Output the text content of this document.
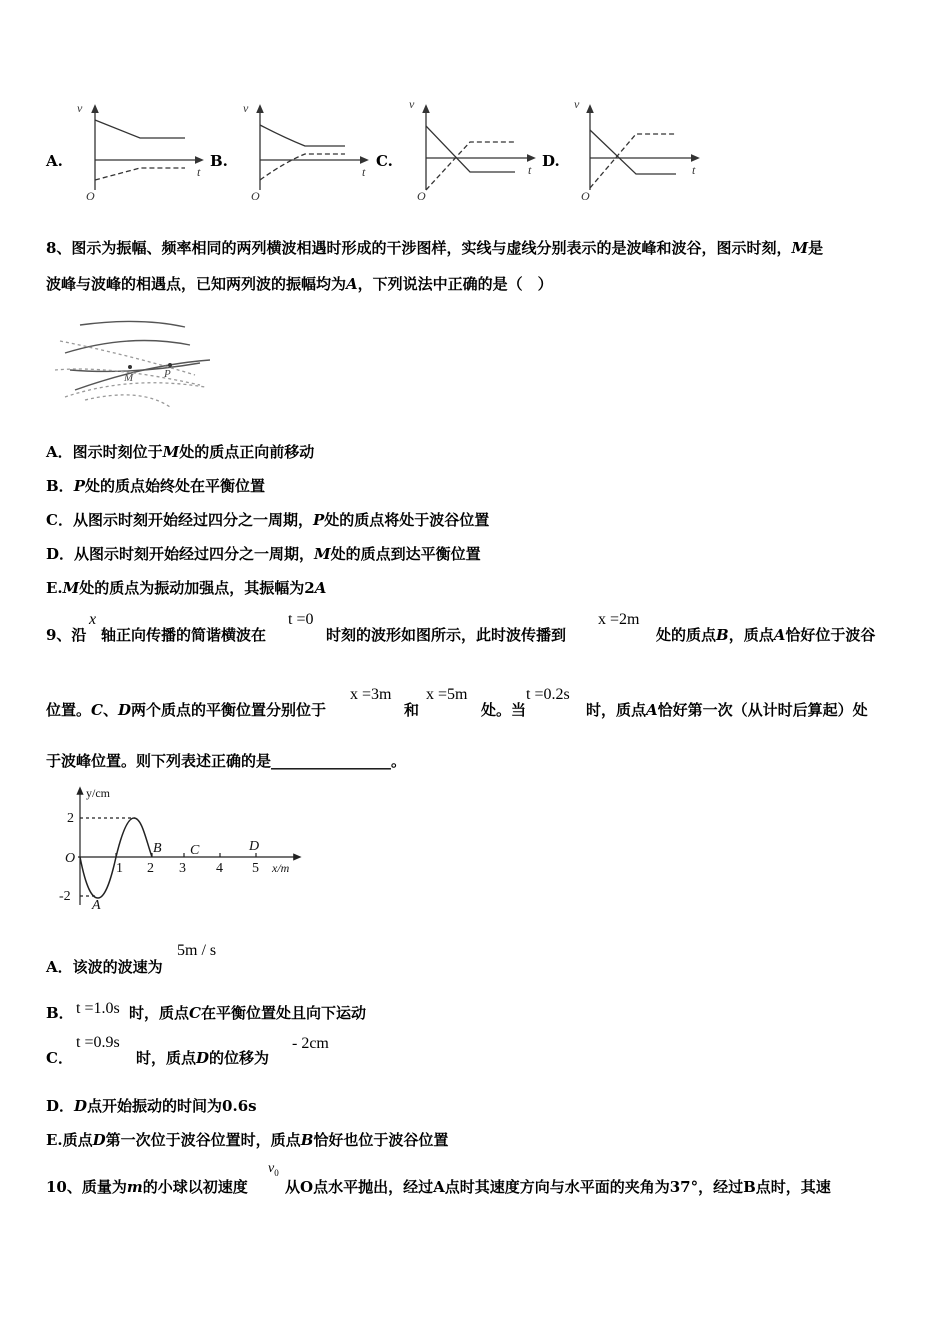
A.	B.	C.	D.
v
t
O
v
t
O
v
t
O
v
t
O
8、图示为振幅、频率相同的两列横波相遇时形成的干涉图样，实线与虚线分别表示的是波峰和波谷，图示时刻，M是
波峰与波峰的相遇点，已知两列波的振幅均为A，下列说法中正确的是（　）
M	P
A．图示时刻位于M处的质点正向前移动
B．P处的质点始终处在平衡位置
C．从图示时刻开始经过四分之一周期，P处的质点将处于波谷位置
D．从图示时刻开始经过四分之一周期，M处的质点到达平衡位置
E.M处的质点为振动加强点，其振幅为2A
9、沿
x
轴正向传播的简谐横波在
t =0
时刻的波形如图所示，此时波传播到
x =2m
处的质点B，质点A恰好位于波谷
位置。C、D两个质点的平衡位置分别位于
x =3m
和
x =5m
处。当
t =0.2s
时，质点A恰好第一次（从计时后算起）处
于波峰位置。则下列表述正确的是________________。
y/cm
x/m
2
-2
O
1 2 3 4 5
A
B C	D
A．该波的波速为
5m / s
B． t =1.0s 时，质点C在平衡位置处且向下运动
C．
t =0.9s
时，质点D的位移为
- 2cm
D．D点开始振动的时间为0.6s
E.质点D第一次位于波谷位置时，质点B恰好也位于波谷位置
10、质量为m的小球以初速度
$v_0$
从O点水平抛出，经过A点时其速度方向与水平面的夹角为37°，经过B点时，其速
